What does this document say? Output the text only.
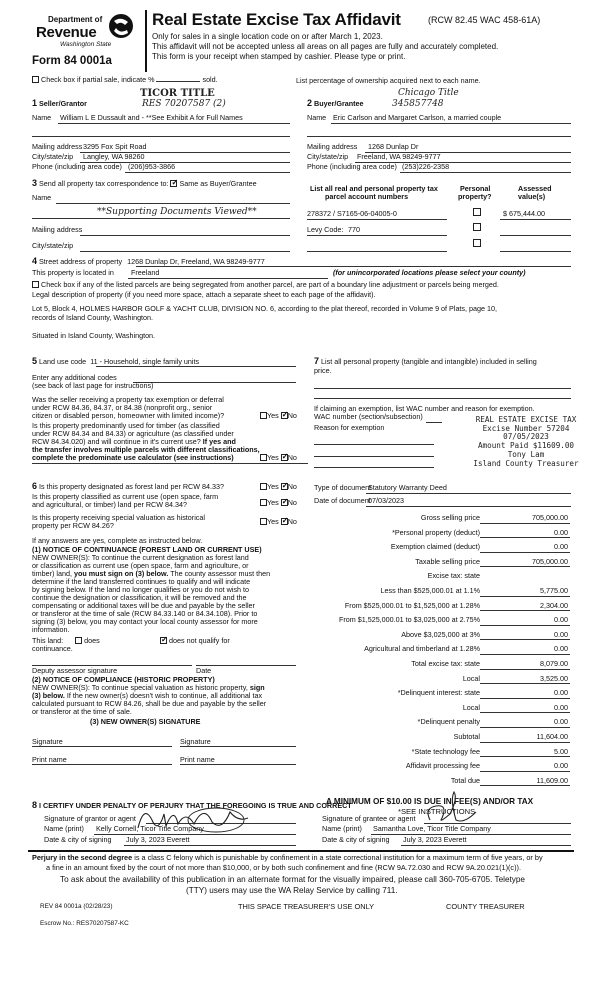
Department of
Revenue
Washington State
Form 84 0001a
Real Estate Excise Tax Affidavit	(RCW 82.45 WAC 458-61A)
Only for sales in a single location code on or after March 1, 2023.
This affidavit will not be accepted unless all areas on all pages are fully and accurately completed.
This form is your receipt when stamped by cashier. Please type or print.
Check box if partial sale, indicate %	sold.	List percentage of ownership acquired next to each name.
1 Seller/Grantor
TICOR TITLE
RES 70207587 (2)
Name William L E Dussault and - **See Exhibit A for Full Names
Mailing address 3295 Fox Spit Road
City/state/zip Langley, WA 98260
Phone (including area code) (206)953-3866
2 Buyer/Grantee
Chicago Title
345857748
Name Eric Carlson and Margaret Carlson, a married couple
Mailing address 1268 Dunlap Dr
City/state/zip Freeland, WA 98249-9777
Phone (including area code) (253)226-2358
3 Send all property tax correspondence to: ✓ Same as Buyer/Grantee
Name
**Supporting Documents Viewed**
Mailing address
City/state/zip
List all real and personal property tax
parcel account numbers
Personal
property?
Assessed
value(s)
278372 / S7165-06-04005-0	$ 675,444.00
Levy Code: 770
4 Street address of property 1268 Dunlap Dr, Freeland, WA 98249-9777
This property is located in Freeland	(for unincorporated locations please select your county)
Check box if any of the listed parcels are being segregated from another parcel, are part of a boundary line adjustment or parcels being merged.
Legal description of property (if you need more space, attach a separate sheet to each page of the affidavit).
Lot 5, Block 4, HOLMES HARBOR GOLF & YACHT CLUB, DIVISION NO. 6, according to the plat thereof, recorded in Volume 9 of Plats, page 10,
records of Island County, Washington.
Situated in Island County, Washington.
5 Land use code 11 - Household, single family units
Enter any additional codes
(see back of last page for instructions)
Was the seller receiving a property tax exemption or deferral
under RCW 84.36, 84.37, or 84.38 (nonprofit org., senior
citizen or disabled person, homeowner with limited income)?	Yes ✓ No
Is this property predominantly used for timber (as classified
under RCW 84.34 and 84.33) or agriculture (as classified under
RCW 84.34.020) and will continue in it's current use? If yes and
the transfer involves multiple parcels with different classifications,
complete the predominate use calculator (see instructions)	Yes ✓ No
7 List all personal property (tangible and intangible) included in selling
price.
If claiming an exemption, list WAC number and reason for exemption.
WAC number (section/subsection)
Reason for exemption
REAL ESTATE EXCISE TAX
Excise Number 57204
07/05/2023
Amount Paid $11609.00
Tony Lam
Island County Treasurer
6 Is this property designated as forest land per RCW 84.33?	Yes ✓ No
Is this property classified as current use (open space, farm
and agricultural, or timber) land per RCW 84.34?	Yes ✓ No
Is this property receiving special valuation as historical
property per RCW 84.26?	Yes ✓ No
If any answers are yes, complete as instructed below.
(1) NOTICE OF CONTINUANCE (FOREST LAND OR CURRENT USE)
NEW OWNER(S): To continue the current designation as forest land
or classification as current use (open space, farm and agriculture, or
timber) land, you must sign on (3) below. The county assessor must then
determine if the land transferred continues to qualify and will indicate
by signing below. If the land no longer qualifies or you do not wish to
continue the designation or classification, it will be removed and the
compensating or additional taxes will be due and payable by the seller
or transferor at the time of sale (RCW 84.33.140 or 84.34.108). Prior to
signing (3) below, you may contact your local county assessor for more
information.
This land:	does ✓	does not qualify for
continuance.
Deputy assessor signature	Date
(2) NOTICE OF COMPLIANCE (HISTORIC PROPERTY)
NEW OWNER(S): To continue special valuation as historic property, sign
(3) below. If the new owner(s) doesn't wish to continue, all additional tax
calculated pursuant to RCW 84.26, shall be due and payable by the seller
or transferor at the time of sale.
(3) NEW OWNER(S) SIGNATURE
Signature	Signature
Print name	Print name
Type of document
Statutory Warranty Deed
Date of document
07/03/2023
Gross selling price	705,000.00
*Personal property (deduct)	0.00
Exemption claimed (deduct)	0.00
Taxable selling price	705,000.00
Excise tax: state
Less than $525,000.01 at 1.1%	5,775.00
From $525,000.01 to $1,525,000 at 1.28%	2,304.00
From $1,525,000.01 to $3,025,000 at 2.75%	0.00
Above $3,025,000 at 3%	0.00
Agricultural and timberland at 1.28%	0.00
Total excise tax: state	8,079.00
Local	3,525.00
*Delinquent interest: state	0.00
Local	0.00
*Delinquent penalty	0.00
Subtotal	11,604.00
*State technology fee	5.00
Affidavit processing fee	0.00
Total due	11,609.00
A MINIMUM OF $10.00 IS DUE IN FEE(S) AND/OR TAX
*SEE INSTRUCTIONS
8 I CERTIFY UNDER PENALTY OF PERJURY THAT THE FOREGOING IS TRUE AND CORRECT
Signature of grantor or agent
Name (print) Kelly Cornell, Ticor Title Company
Date & city of signing July 3, 2023 Everett
Signature of grantee or agent
Name (print) Samantha Love, Ticor Title Company
Date & city of signing July 3, 2023 Everett
Perjury in the second degree is a class C felony which is punishable by confinement in a state correctional institution for a maximum term of five years, or by
a fine in an amount fixed by the court of not more than $10,000, or by both such confinement and fine (RCW 9A.72.030 and RCW 9A.20.021(1)(c)).
To ask about the availability of this publication in an alternate format for the visually impaired, please call 360-705-6705. Teletype
(TTY) users may use the WA Relay Service by calling 711.
REV 84 0001a (02/28/23)	THIS SPACE TREASURER'S USE ONLY	COUNTY TREASURER
Escrow No.: RES70207587-KC
